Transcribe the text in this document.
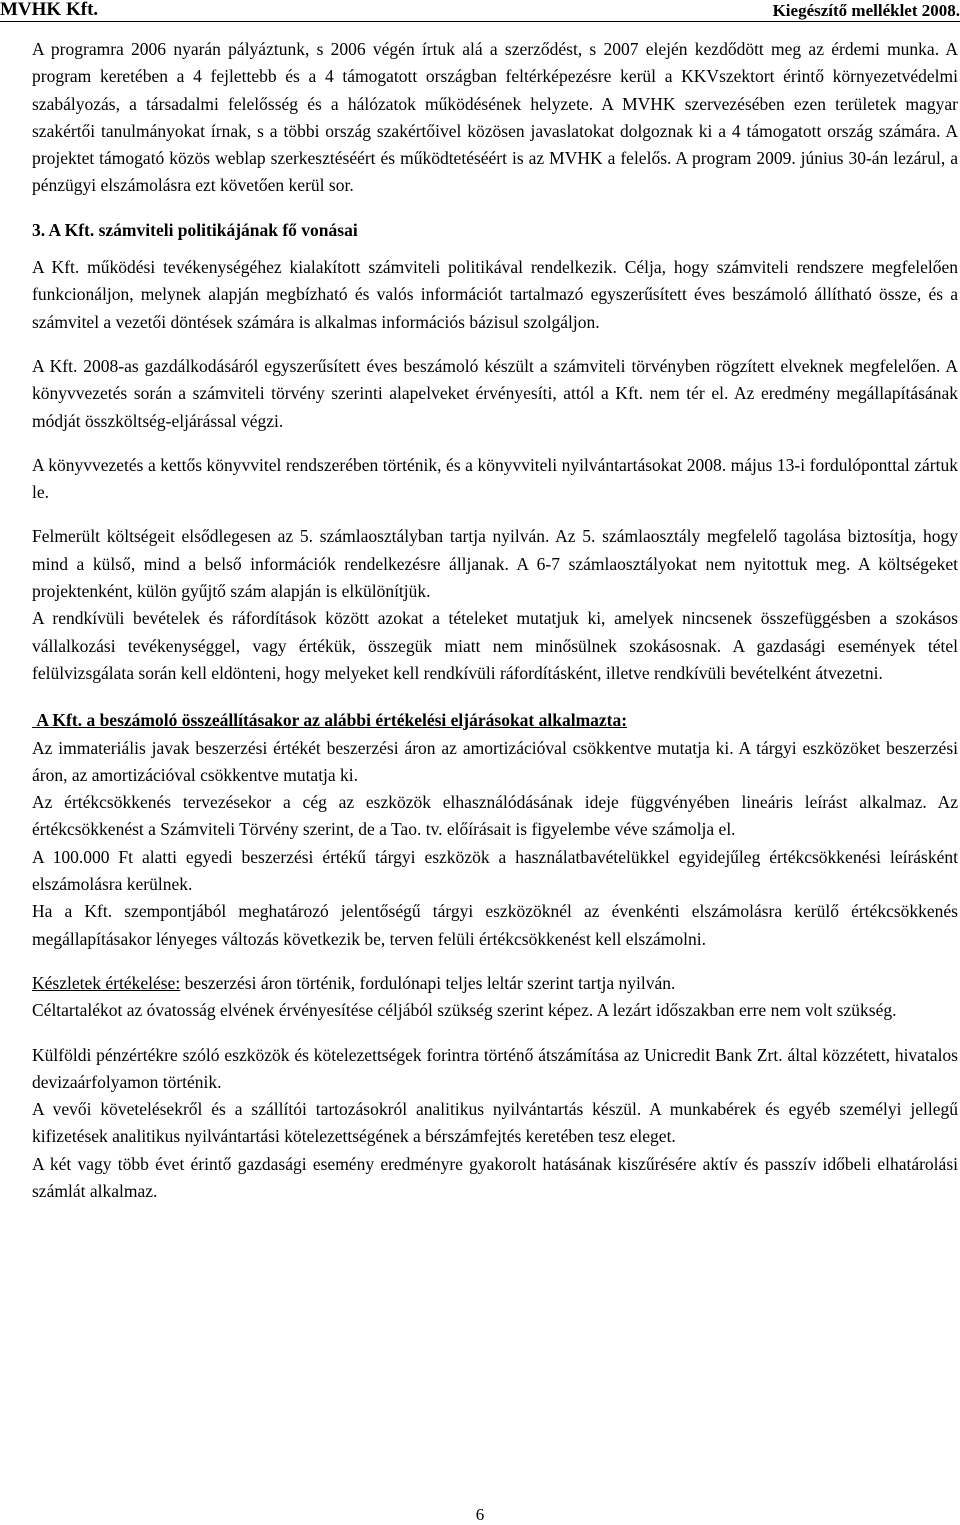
MVHK Kft.	Kiegészítő melléklet 2008.

A programra 2006 nyarán pályáztunk, s 2006 végén írtuk alá a szerződést, s 2007 elején kezdődött meg az érdemi munka. A program keretében a 4 fejlettebb és a 4 támogatott országban feltérképezésre kerül a KKVszektort érintő környezetvédelmi szabályozás, a társadalmi felelősség és a hálózatok működésének helyzete. A MVHK szervezésében ezen területek magyar szakértői tanulmányokat írnak, s a többi ország szakértőivel közösen javaslatokat dolgoznak ki a 4 támogatott ország számára. A projektet támogató közös weblap szerkesztéséért és működtetéséért is az MVHK a felelős. A program 2009. június 30-án lezárul, a pénzügyi elszámolásra ezt követően kerül sor.

3. A Kft. számviteli politikájának fő vonásai

A Kft. működési tevékenységéhez kialakított számviteli politikával rendelkezik. Célja, hogy számviteli rendszere megfelelően funkcionáljon, melynek alapján megbízható és valós információt tartalmazó egyszerűsített éves beszámoló állítható össze, és a számvitel a vezetői döntések számára is alkalmas információs bázisul szolgáljon.

A Kft. 2008-as gazdálkodásáról egyszerűsített éves beszámoló készült a számviteli törvényben rögzített elveknek megfelelően. A könyvvezetés során a számviteli törvény szerinti alapelveket érvényesíti, attól a Kft. nem tér el. Az eredmény megállapításának módját összköltség-eljárással végzi.

A könyvvezetés a kettős könyvvitel rendszerében történik, és a könyvviteli nyilvántartásokat 2008. május 13-i fordulóponttal zártuk le.

Felmerült költségeit elsődlegesen az 5. számlaosztályban tartja nyilván. Az 5. számlaosztály megfelelő tagolása biztosítja, hogy mind a külső, mind a belső információk rendelkezésre álljanak. A 6-7 számlaosztályokat nem nyitottuk meg. A költségeket projektenként, külön gyűjtő szám alapján is elkülönítjük.

A rendkívüli bevételek és ráfordítások között azokat a tételeket mutatjuk ki, amelyek nincsenek összefüggésben a szokásos vállalkozási tevékenységgel, vagy értékük, összegük miatt nem minősülnek szokásosnak. A gazdasági események tétel felülvizsgálata során kell eldönteni, hogy melyeket kell rendkívüli ráfordításként, illetve rendkívüli bevételként átvezetni.

A Kft. a beszámoló összeállításakor az alábbi értékelési eljárásokat alkalmazta:

Az immateriális javak beszerzési értékét beszerzési áron az amortizációval csökkentve mutatja ki. A tárgyi eszközöket beszerzési áron, az amortizációval csökkentve mutatja ki.

Az értékcsökkenés tervezésekor a cég az eszközök elhasználódásának ideje függvényében lineáris leírást alkalmaz. Az értékcsökkenést a Számviteli Törvény szerint, de a Tao. tv. előírásait is figyelembe véve számolja el.

A 100.000 Ft alatti egyedi beszerzési értékű tárgyi eszközök a használatbavételükkel egyidejűleg értékcsökkenési leírásként elszámolásra kerülnek.

Ha a Kft. szempontjából meghatározó jelentőségű tárgyi eszközöknél az évenkénti elszámolásra kerülő értékcsökkenés megállapításakor lényeges változás következik be, terven felüli értékcsökkenést kell elszámolni.

Készletek értékelése: beszerzési áron történik, fordulónapi teljes leltár szerint tartja nyilván.

Céltartalékot az óvatosság elvének érvényesítése céljából szükség szerint képez. A lezárt időszakban erre nem volt szükség.

Külföldi pénzértékre szóló eszközök és kötelezettségek forintra történő átszámítása az Unicredit Bank Zrt. által közzétett, hivatalos devizaárfolyamon történik.

A vevői követelésekről és a szállítói tartozásokról analitikus nyilvántartás készül. A munkabérek és egyéb személyi jellegű kifizetések analitikus nyilvántartási kötelezettségének a bérszámfejtés keretében tesz eleget.

A két vagy több évet érintő gazdasági esemény eredményre gyakorolt hatásának kiszűrésére aktív és passzív időbeli elhatárolási számlát alkalmaz.

6
